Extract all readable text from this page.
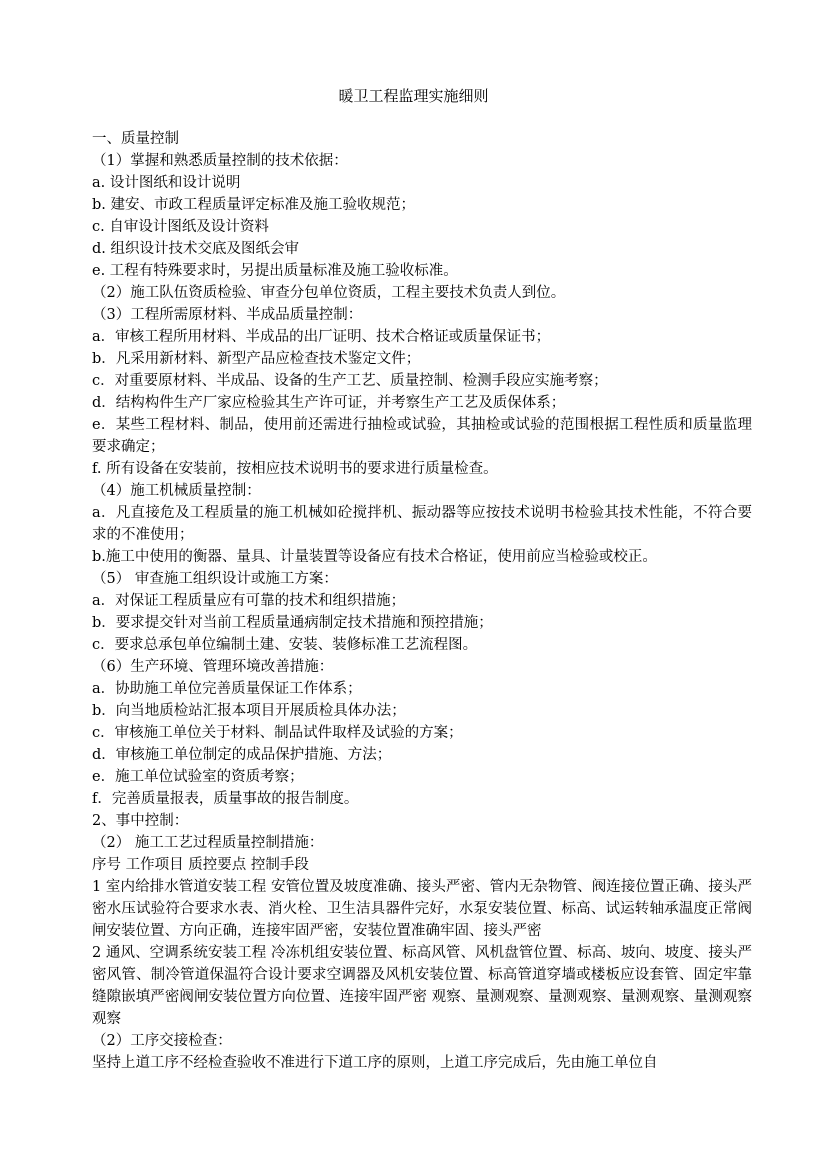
暖卫工程监理实施细则
一、质量控制
（1）掌握和熟悉质量控制的技术依据：
a. 设计图纸和设计说明
b. 建安、市政工程质量评定标准及施工验收规范；
c. 自审设计图纸及设计资料
d. 组织设计技术交底及图纸会审
e. 工程有特殊要求时，另提出质量标准及施工验收标准。
（2）施工队伍资质检验、审查分包单位资质，工程主要技术负责人到位。
（3）工程所需原材料、半成品质量控制：
a．审核工程所用材料、半成品的出厂证明、技术合格证或质量保证书；
b．凡采用新材料、新型产品应检查技术鉴定文件；
c．对重要原材料、半成品、设备的生产工艺、质量控制、检测手段应实施考察；
d．结构构件生产厂家应检验其生产许可证，并考察生产工艺及质保体系；
e．某些工程材料、制品，使用前还需进行抽检或试验，其抽检或试验的范围根据工程性质和质量监理要求确定；
f. 所有设备在安装前，按相应技术说明书的要求进行质量检查。
（4）施工机械质量控制：
a．凡直接危及工程质量的施工机械如砼搅拌机、振动器等应按技术说明书检验其技术性能，不符合要求的不准使用；
b.施工中使用的衡器、量具、计量装置等设备应有技术合格证，使用前应当检验或校正。
（5） 审查施工组织设计或施工方案：
a．对保证工程质量应有可靠的技术和组织措施；
b．要求提交针对当前工程质量通病制定技术措施和预控措施；
c．要求总承包单位编制土建、安装、装修标准工艺流程图。
（6）生产环境、管理环境改善措施：
a．协助施工单位完善质量保证工作体系；
b．向当地质检站汇报本项目开展质检具体办法；
c．审核施工单位关于材料、制品试件取样及试验的方案；
d．审核施工单位制定的成品保护措施、方法；
e．施工单位试验室的资质考察；
f．完善质量报表，质量事故的报告制度。
2、事中控制：
（2） 施工工艺过程质量控制措施：
序号 工作项目 质控要点 控制手段
1 室内给排水管道安装工程 安管位置及坡度准确、接头严密、管内无杂物管、阀连接位置正确、接头严密水压试验符合要求水表、消火栓、卫生洁具器件完好，水泵安装位置、标高、试运转轴承温度正常阀闸安装位置、方向正确，连接牢固严密，安装位置准确牢固、接头严密
2 通风、空调系统安装工程 冷冻机组安装位置、标高风管、风机盘管位置、标高、坡向、坡度、接头严密风管、制冷管道保温符合设计要求空调器及风机安装位置、标高管道穿墙或楼板应设套管、固定牢靠缝隙嵌填严密阀闸安装位置方向位置、连接牢固严密 观察、量测观察、量测观察、量测观察、量测观察观察
（2）工序交接检查：
坚持上道工序不经检查验收不准进行下道工序的原则，上道工序完成后，先由施工单位自
